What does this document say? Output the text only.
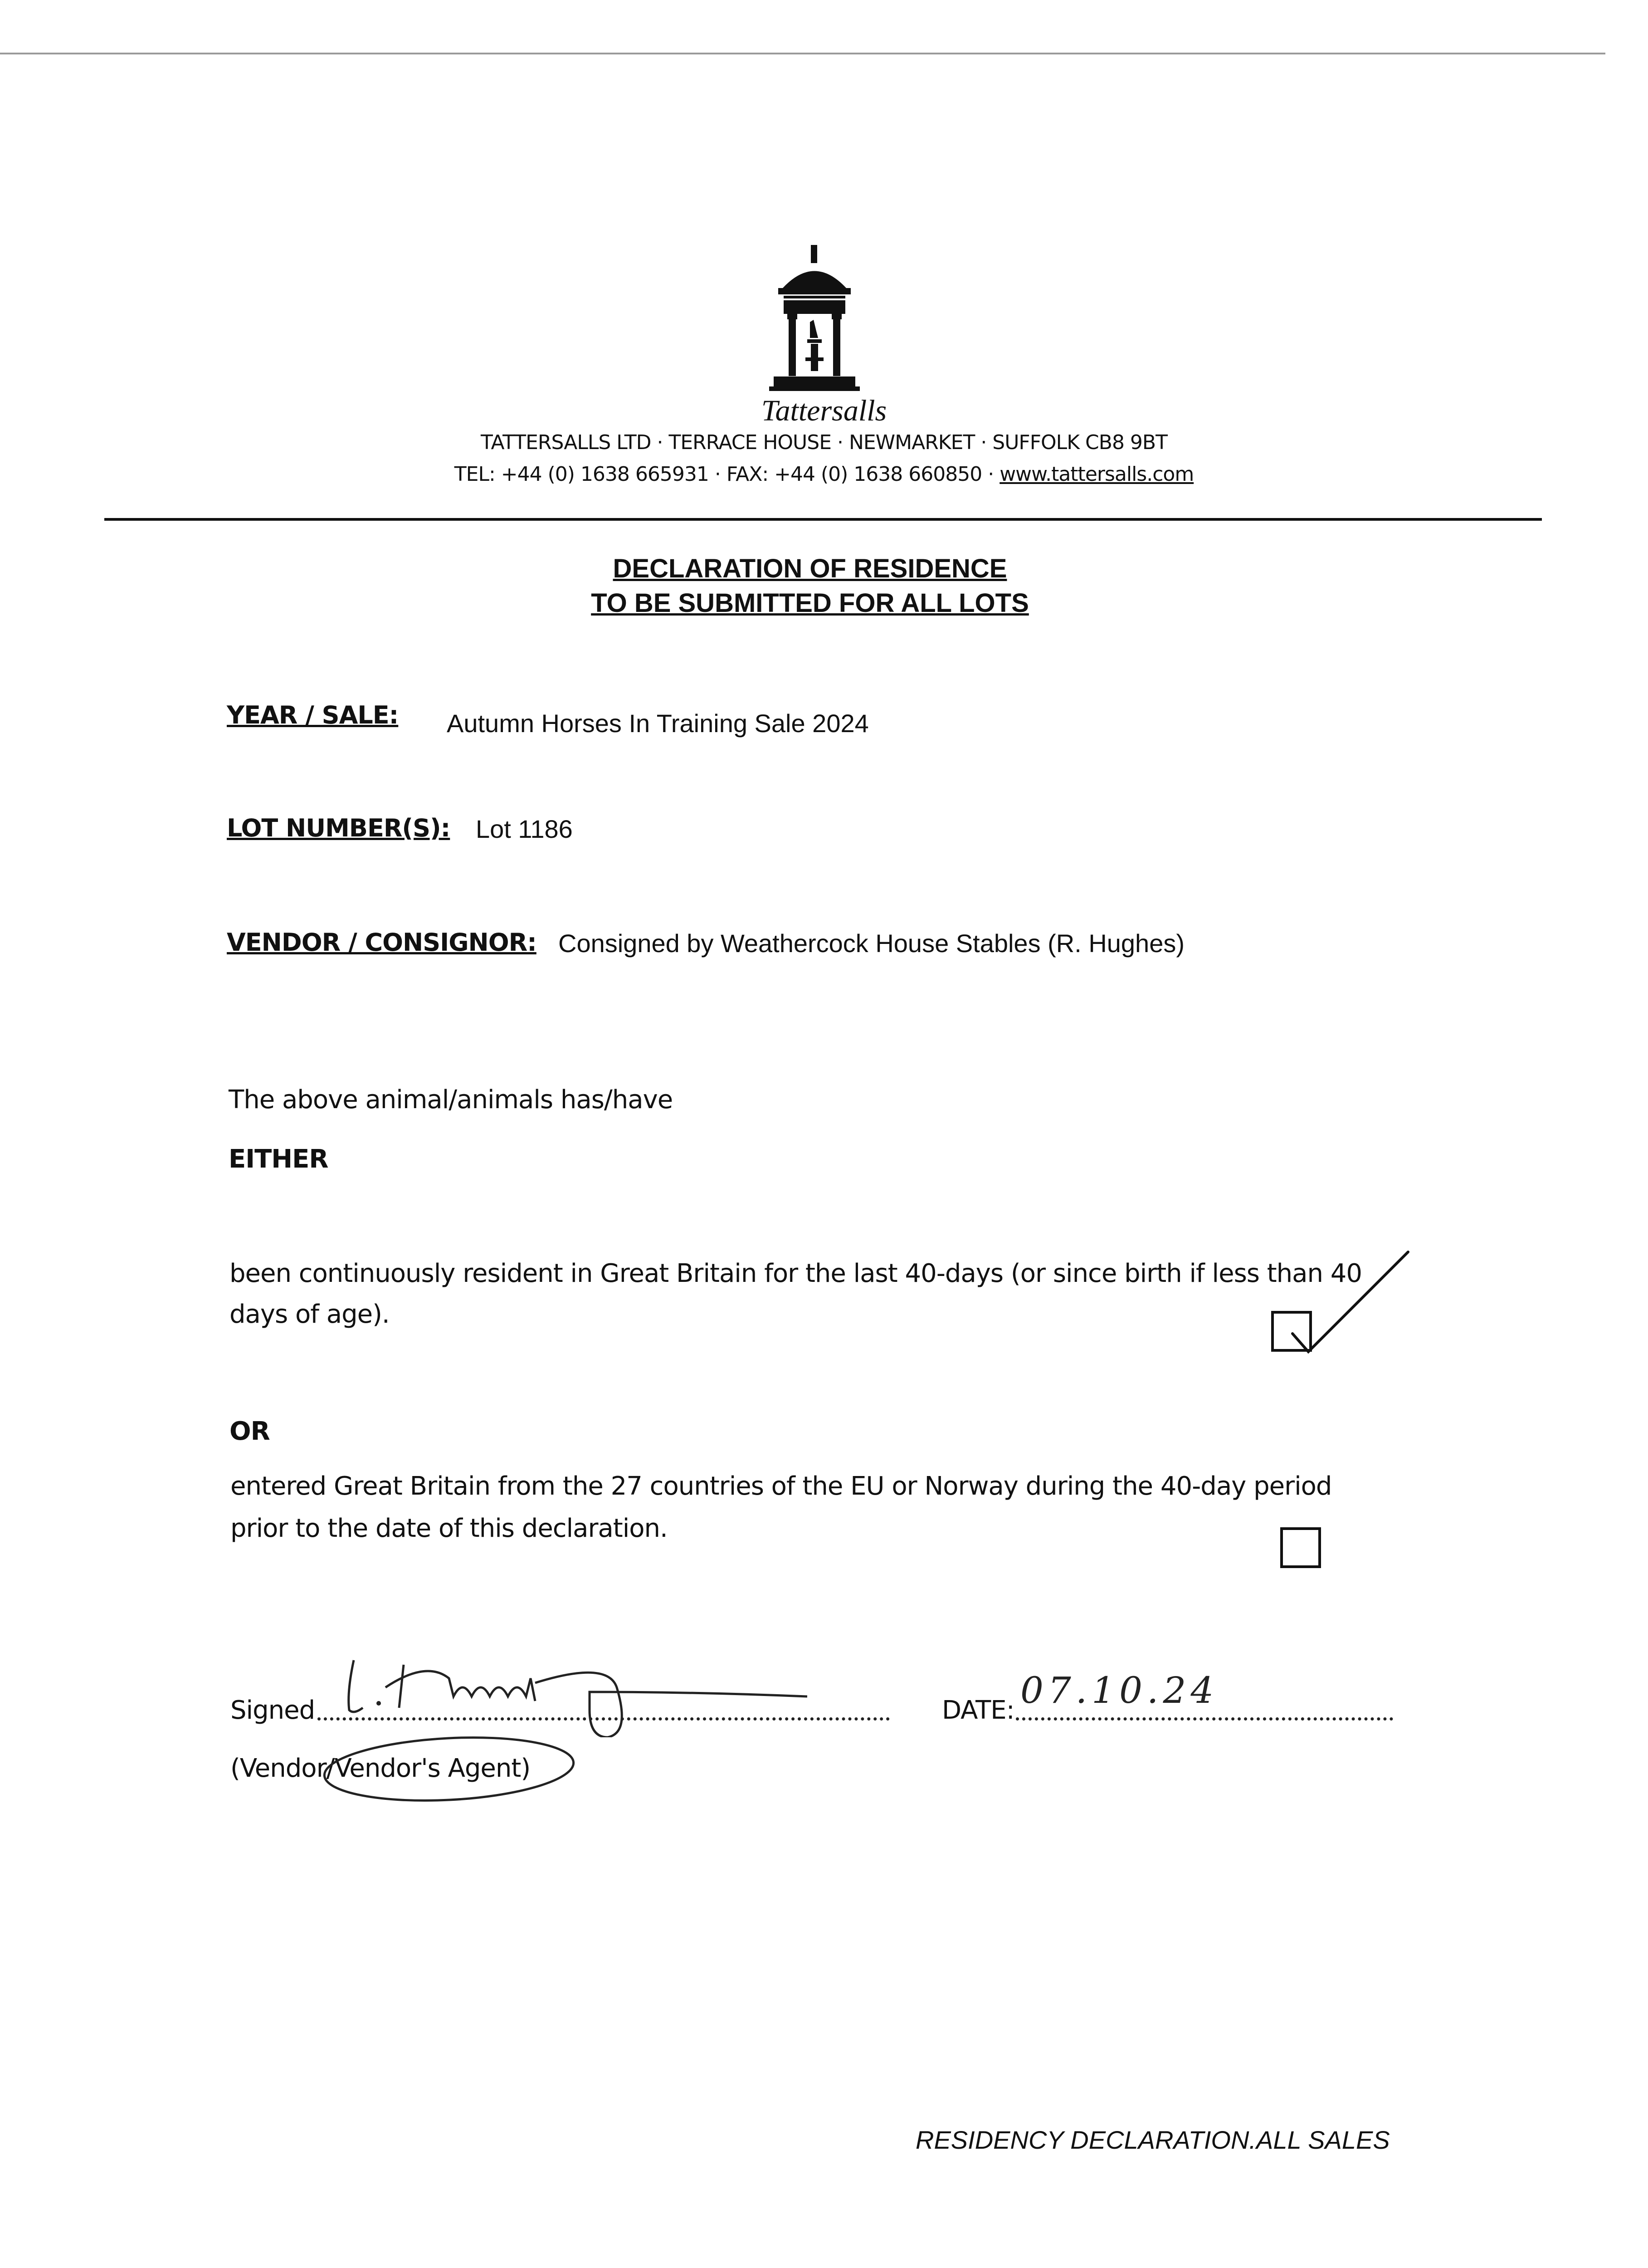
Tattersalls
TATTERSALLS LTD · TERRACE HOUSE · NEWMARKET · SUFFOLK CB8 9BT
TEL: +44 (0) 1638 665931 · FAX: +44 (0) 1638 660850 · www.tattersalls.com
DECLARATION OF RESIDENCE
TO BE SUBMITTED FOR ALL LOTS
YEAR / SALE: Autumn Horses In Training Sale 2024
LOT NUMBER(S): Lot 1186
VENDOR / CONSIGNOR: Consigned by Weathercock House Stables (R. Hughes)
The above animal/animals has/have
EITHER
been continuously resident in Great Britain for the last 40-days (or since birth if less than 40
days of age).
OR
entered Great Britain from the 27 countries of the EU or Norway during the 40-day period
prior to the date of this declaration.
Signed	DATE: 07.10.24
(Vendor/Vendor's Agent)
RESIDENCY DECLARATION.ALL SALES
